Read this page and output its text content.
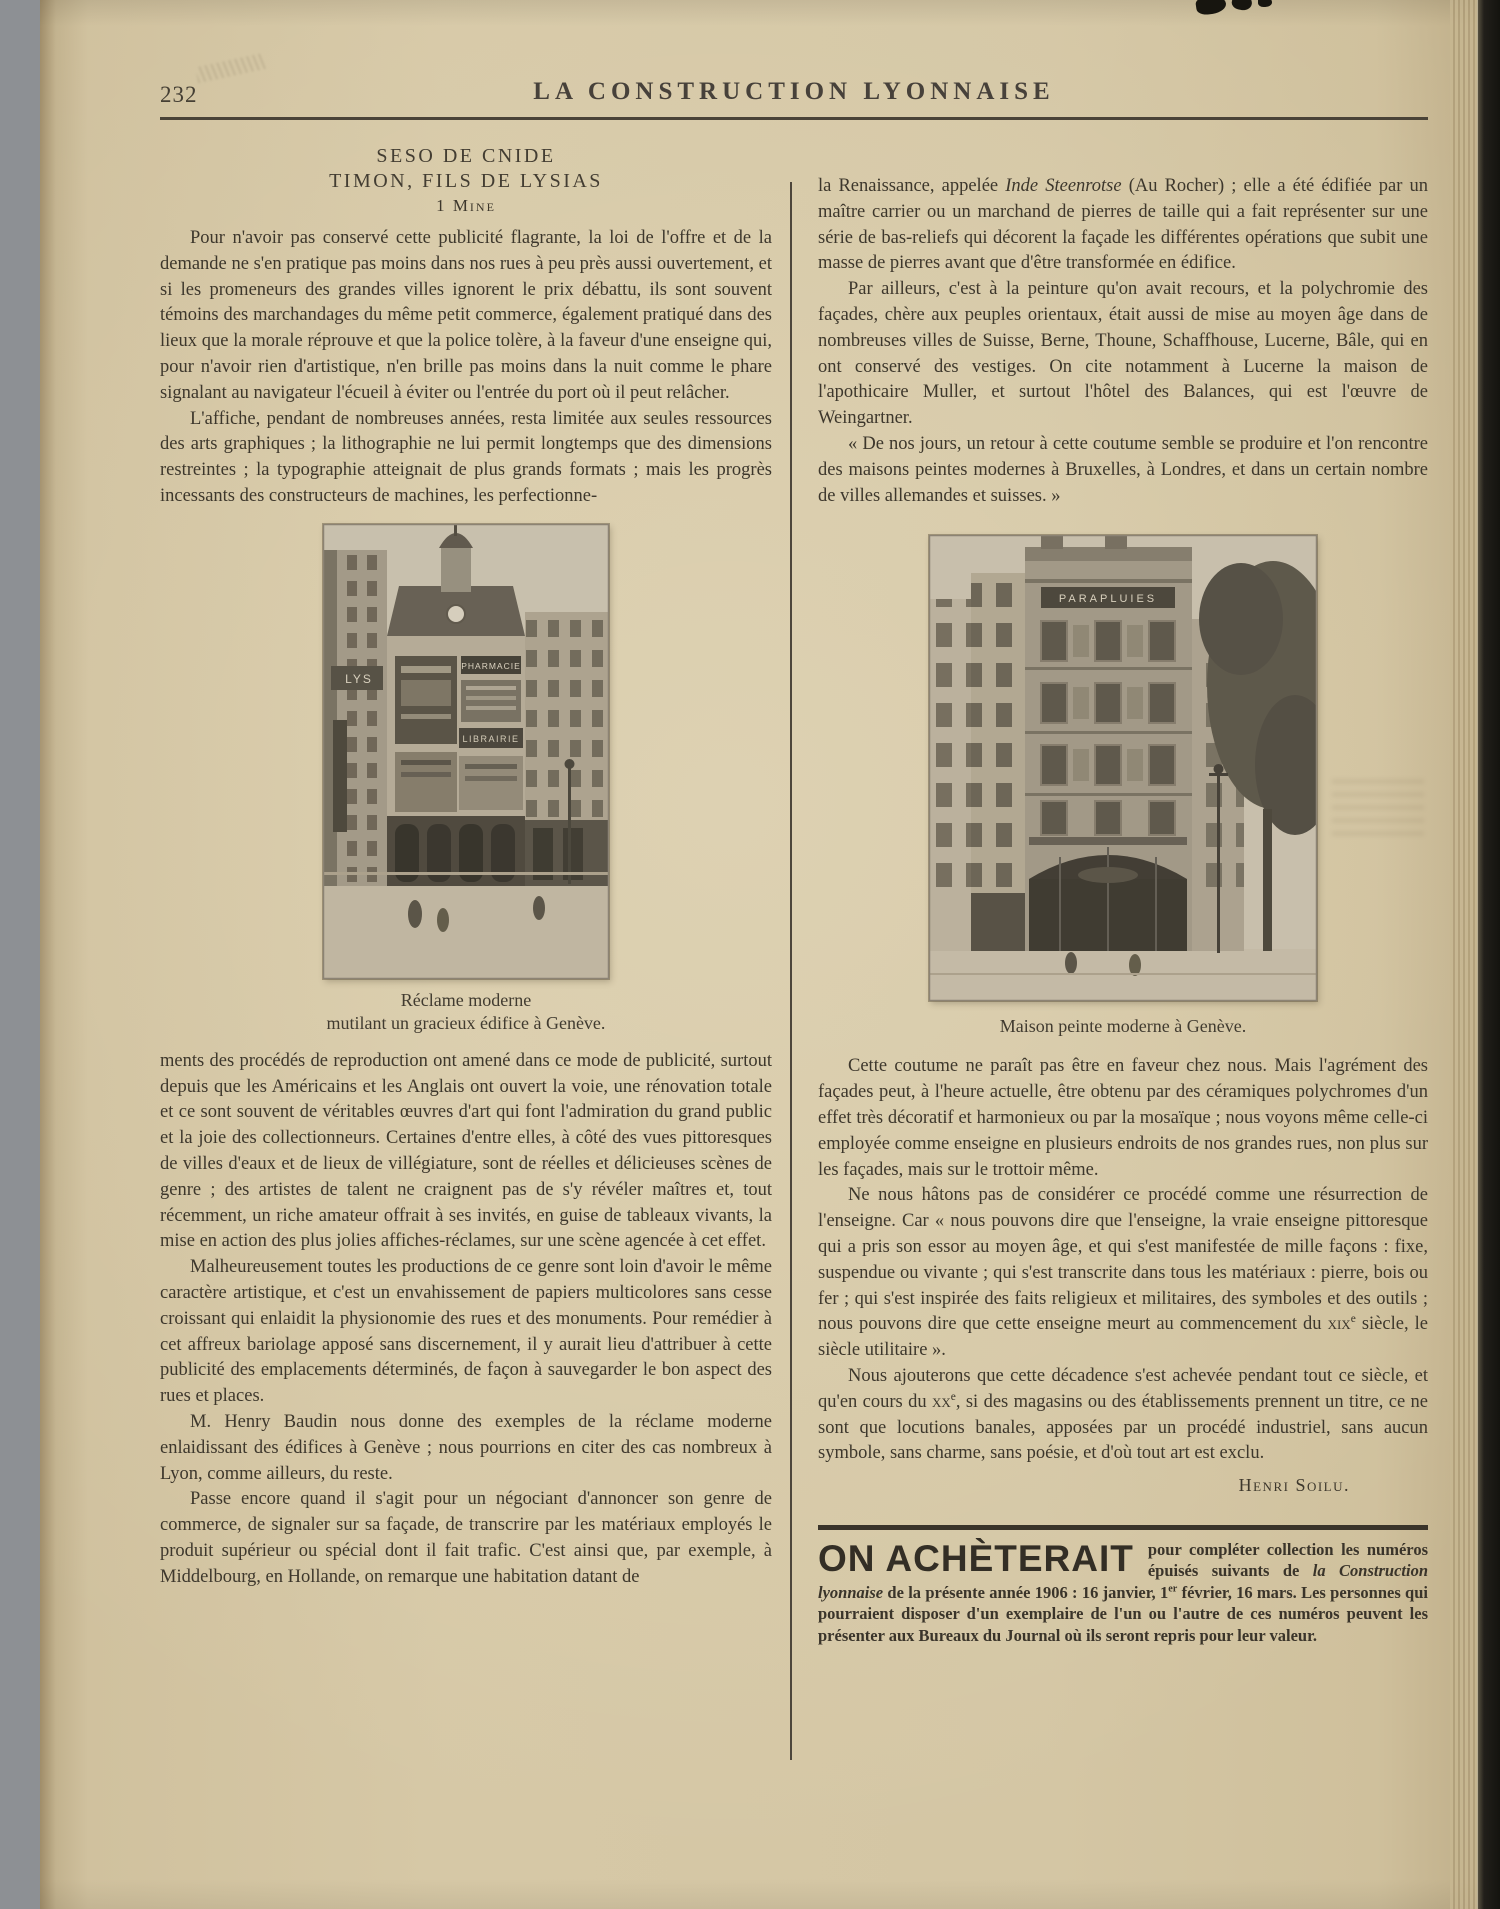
232	LA CONSTRUCTION LYONNAISE
SESO DE CNIDE
TIMON, FILS DE LYSIAS
1 Mine

Pour n'avoir pas conservé cette publicité flagrante, la loi de l'offre et de la demande ne s'en pratique pas moins dans nos rues à peu près aussi ouvertement, et si les promeneurs des grandes villes ignorent le prix débattu, ils sont souvent témoins des marchandages du même petit commerce, également pratiqué dans des lieux que la morale réprouve et que la police tolère, à la faveur d'une enseigne qui, pour n'avoir rien d'artistique, n'en brille pas moins dans la nuit comme le phare signalant au navigateur l'écueil à éviter ou l'entrée du port où il peut relâcher.

L'affiche, pendant de nombreuses années, resta limitée aux seules ressources des arts graphiques ; la lithographie ne lui permit longtemps que des dimensions restreintes ; la typographie atteignait de plus grands formats ; mais les progrès incessants des constructeurs de machines, les perfectionne-

LYS
PHARMACIE
LIBRAIRIE
Réclame moderne
mutilant un gracieux édifice à Genève.

ments des procédés de reproduction ont amené dans ce mode de publicité, surtout depuis que les Américains et les Anglais ont ouvert la voie, une rénovation totale et ce sont souvent de véritables œuvres d'art qui font l'admiration du grand public et la joie des collectionneurs. Certaines d'entre elles, à côté des vues pittoresques de villes d'eaux et de lieux de villégiature, sont de réelles et délicieuses scènes de genre ; des artistes de talent ne craignent pas de s'y révéler maîtres et, tout récemment, un riche amateur offrait à ses invités, en guise de tableaux vivants, la mise en action des plus jolies affiches-réclames, sur une scène agencée à cet effet.

Malheureusement toutes les productions de ce genre sont loin d'avoir le même caractère artistique, et c'est un envahissement de papiers multicolores sans cesse croissant qui enlaidit la physionomie des rues et des monuments. Pour remédier à cet affreux bariolage apposé sans discernement, il y aurait lieu d'attribuer à cette publicité des emplacements déterminés, de façon à sauvegarder le bon aspect des rues et places.

M. Henry Baudin nous donne des exemples de la réclame moderne enlaidissant des édifices à Genève ; nous pourrions en citer des cas nombreux à Lyon, comme ailleurs, du reste.

Passe encore quand il s'agit pour un négociant d'annoncer son genre de commerce, de signaler sur sa façade, de transcrire par les matériaux employés le produit supérieur ou spécial dont il fait trafic. C'est ainsi que, par exemple, à Middelbourg, en Hollande, on remarque une habitation datant de

la Renaissance, appelée Inde Steenrotse (Au Rocher) ; elle a été édifiée par un maître carrier ou un marchand de pierres de taille qui a fait représenter sur une série de bas-reliefs qui décorent la façade les différentes opérations que subit une masse de pierres avant que d'être transformée en édifice.

Par ailleurs, c'est à la peinture qu'on avait recours, et la polychromie des façades, chère aux peuples orientaux, était aussi de mise au moyen âge dans de nombreuses villes de Suisse, Berne, Thoune, Schaffhouse, Lucerne, Bâle, qui en ont conservé des vestiges. On cite notamment à Lucerne la maison de l'apothicaire Muller, et surtout l'hôtel des Balances, qui est l'œuvre de Weingartner.

« De nos jours, un retour à cette coutume semble se produire et l'on rencontre des maisons peintes modernes à Bruxelles, à Londres, et dans un certain nombre de villes allemandes et suisses. »

PARAPLUIES
Maison peinte moderne à Genève.

Cette coutume ne paraît pas être en faveur chez nous. Mais l'agrément des façades peut, à l'heure actuelle, être obtenu par des céramiques polychromes d'un effet très décoratif et harmonieux ou par la mosaïque ; nous voyons même celle-ci employée comme enseigne en plusieurs endroits de nos grandes rues, non plus sur les façades, mais sur le trottoir même.

Ne nous hâtons pas de considérer ce procédé comme une résurrection de l'enseigne. Car « nous pouvons dire que l'enseigne, la vraie enseigne pittoresque qui a pris son essor au moyen âge, et qui s'est manifestée de mille façons : fixe, suspendue ou vivante ; qui s'est transcrite dans tous les matériaux : pierre, bois ou fer ; qui s'est inspirée des faits religieux et militaires, des symboles et des outils ; nous pouvons dire que cette enseigne meurt au commencement du xix$^e$ siècle, le siècle utilitaire ».

Nous ajouterons que cette décadence s'est achevée pendant tout ce siècle, et qu'en cours du $xx^e$, si des magasins ou des établissements prennent un titre, ce ne sont que locutions banales, apposées par un procédé industriel, sans aucun symbole, sans charme, sans poésie, et d'où tout art est exclu.

Henri Soilu.
ON ACHÈTERAIT pour compléter collection les numéros épuisés suivants de la Construction lyonnaise de la présente année 1906 : 16 janvier, 1er février, 16 mars. Les personnes qui pourraient disposer d'un exemplaire de l'un ou l'autre de ces numéros peuvent les présenter aux Bureaux du Journal où ils seront repris pour leur valeur.
